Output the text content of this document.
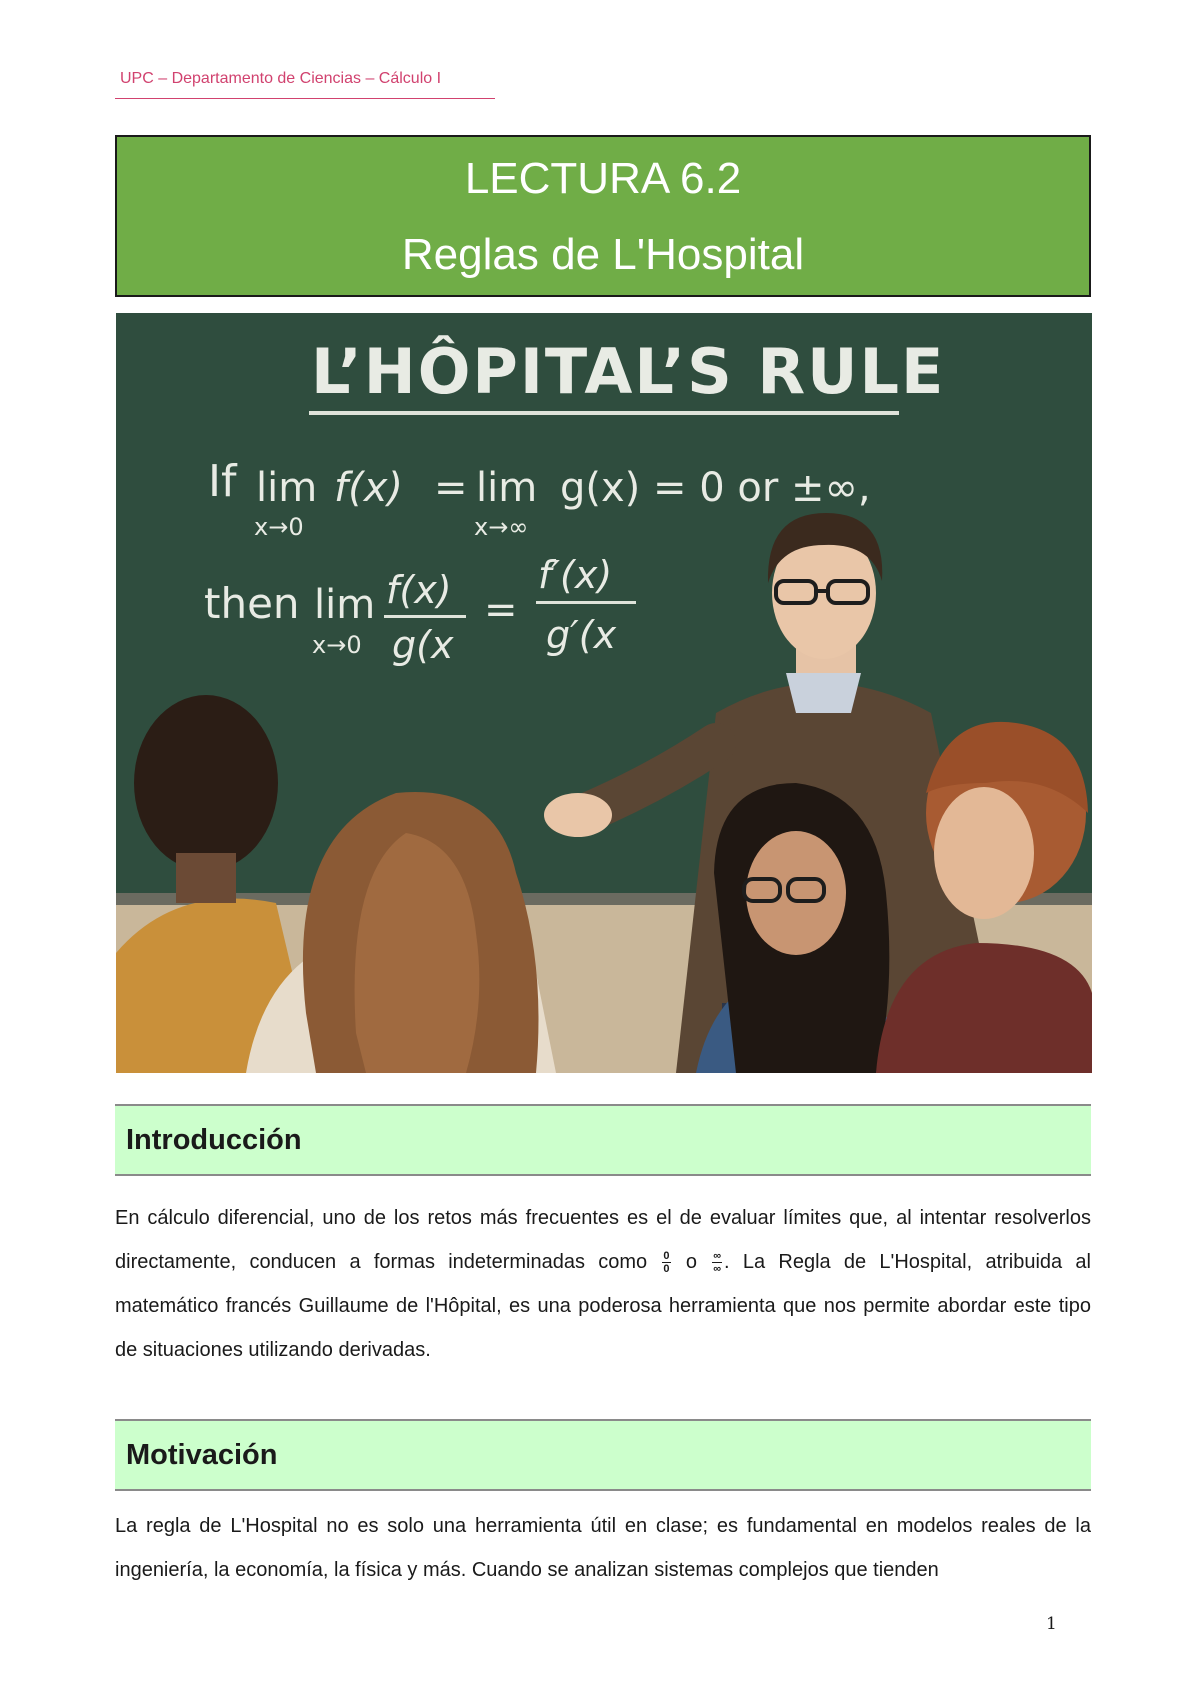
UPC – Departamento de Ciencias – Cálculo I
LECTURA 6.2
Reglas de L'Hospital
L’HÔPITAL’S RULE
If lim
x→0
f(x) = lim
x→∞
g(x) = 0 or ±∞,
then lim
x→0
f(x)
g(x
=
f′(x)
g′(x
Introducción
En cálculo diferencial, uno de los retos más frecuentes es el de evaluar límites que, al intentar resolverlos directamente, conducen a formas indeterminadas como $\frac{0}{0}$ o $\frac{\infty}{\infty}$ . La Regla de L'Hospital, atribuida al matemático francés Guillaume de l'Hôpital, es una poderosa herramienta que nos permite abordar este tipo de situaciones utilizando derivadas.
Motivación
La regla de L'Hospital no es solo una herramienta útil en clase; es fundamental en modelos reales de la ingeniería, la economía, la física y más. Cuando se analizan sistemas complejos que tienden
1
